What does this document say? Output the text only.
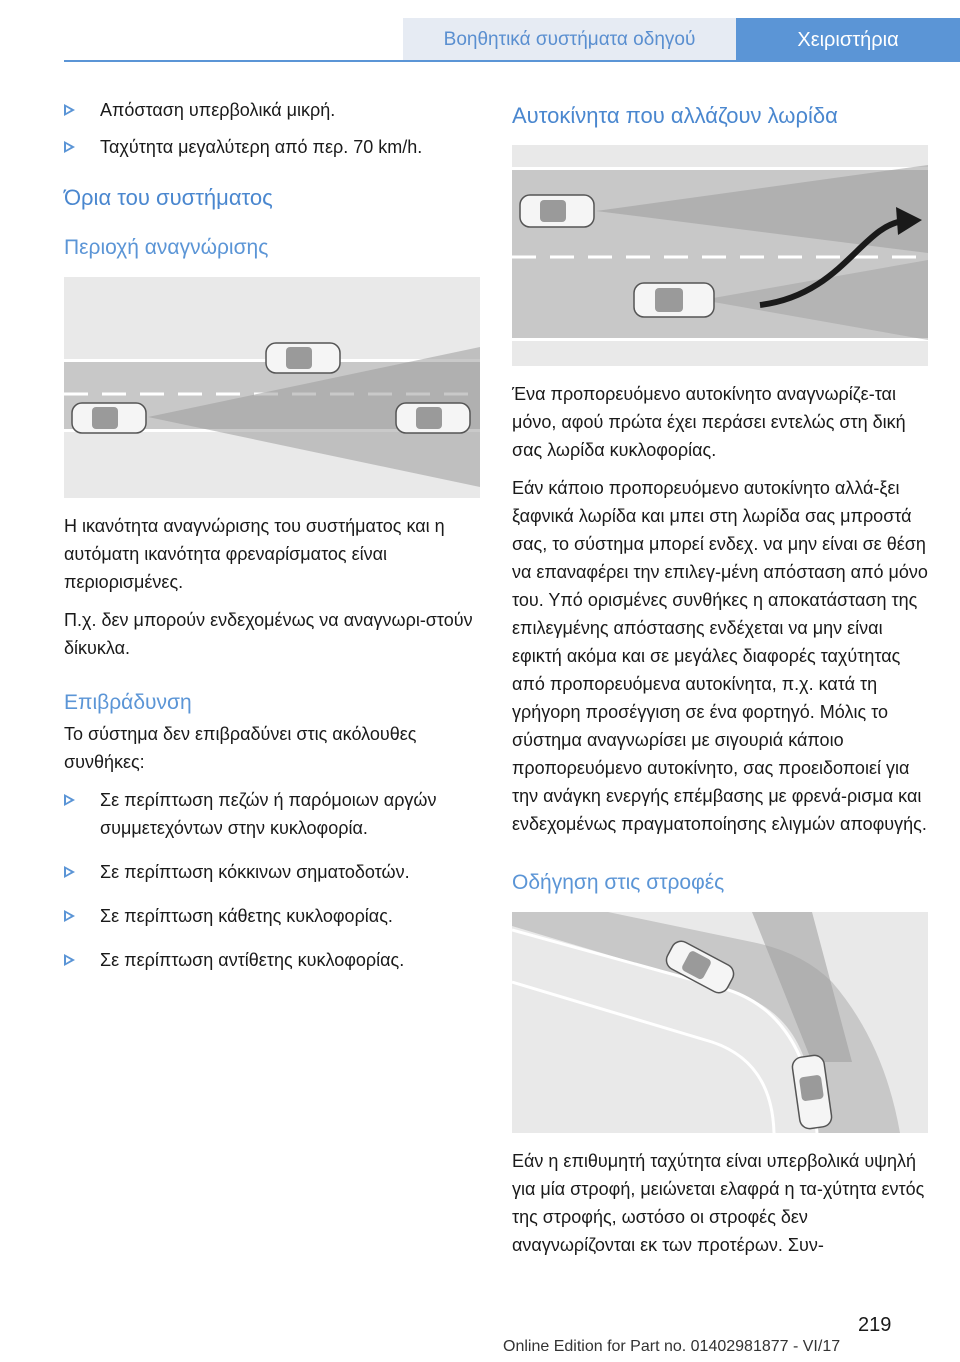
Βοηθητικά συστήματα οδηγού	Χειριστήρια
Απόσταση υπερβολικά μικρή.
Ταχύτητα μεγαλύτερη από περ. 70 km/h.
Όρια του συστήματος
Περιοχή αναγνώρισης

Η ικανότητα αναγνώρισης του συστήματος και η αυτόματη ικανότητα φρεναρίσματος είναι περιορισμένες.

Π.χ. δεν μπορούν ενδεχομένως να αναγνωρι‐στούν δίκυκλα.

Επιβράδυνση

Το σύστημα δεν επιβραδύνει στις ακόλουθες συνθήκες:

Σε περίπτωση πεζών ή παρόμοιων αργών συμμετεχόντων στην κυκλοφορία.
Σε περίπτωση κόκκινων σηματοδοτών.
Σε περίπτωση κάθετης κυκλοφορίας.
Σε περίπτωση αντίθετης κυκλοφορίας.
Αυτοκίνητα που αλλάζουν λωρίδα

Ένα προπορευόμενο αυτοκίνητο αναγνωρίζε‐ται μόνο, αφού πρώτα έχει περάσει εντελώς στη δική σας λωρίδα κυκλοφορίας.

Εάν κάποιο προπορευόμενο αυτοκίνητο αλλά‐ξει ξαφνικά λωρίδα και μπει στη λωρίδα σας μπροστά σας, το σύστημα μπορεί ενδεχ. να μην είναι σε θέση να επαναφέρει την επιλεγ‐μένη απόσταση από μόνο του. Υπό ορισμένες συνθήκες η αποκατάσταση της επιλεγμένης απόστασης ενδέχεται να μην είναι εφικτή ακόμα και σε μεγάλες διαφορές ταχύτητας από προπορευόμενα αυτοκίνητα, π.χ. κατά τη γρήγορη προσέγγιση σε ένα φορτηγό. Μόλις το σύστημα αναγνωρίσει με σιγουριά κάποιο προπορευόμενο αυτοκίνητο, σας προειδοποιεί για την ανάγκη ενεργής επέμβασης με φρενά‐ρισμα και ενδεχομένως πραγματοποίησης ελιγμών αποφυγής.

Οδήγηση στις στροφές

Εάν η επιθυμητή ταχύτητα είναι υπερβολικά υψηλή για μία στροφή, μειώνεται ελαφρά η τα‐χύτητα εντός της στροφής, ωστόσο οι στροφές δεν αναγνωρίζονται εκ των προτέρων. Συν‐

219
Online Edition for Part no. 01402981877 - VI/17
